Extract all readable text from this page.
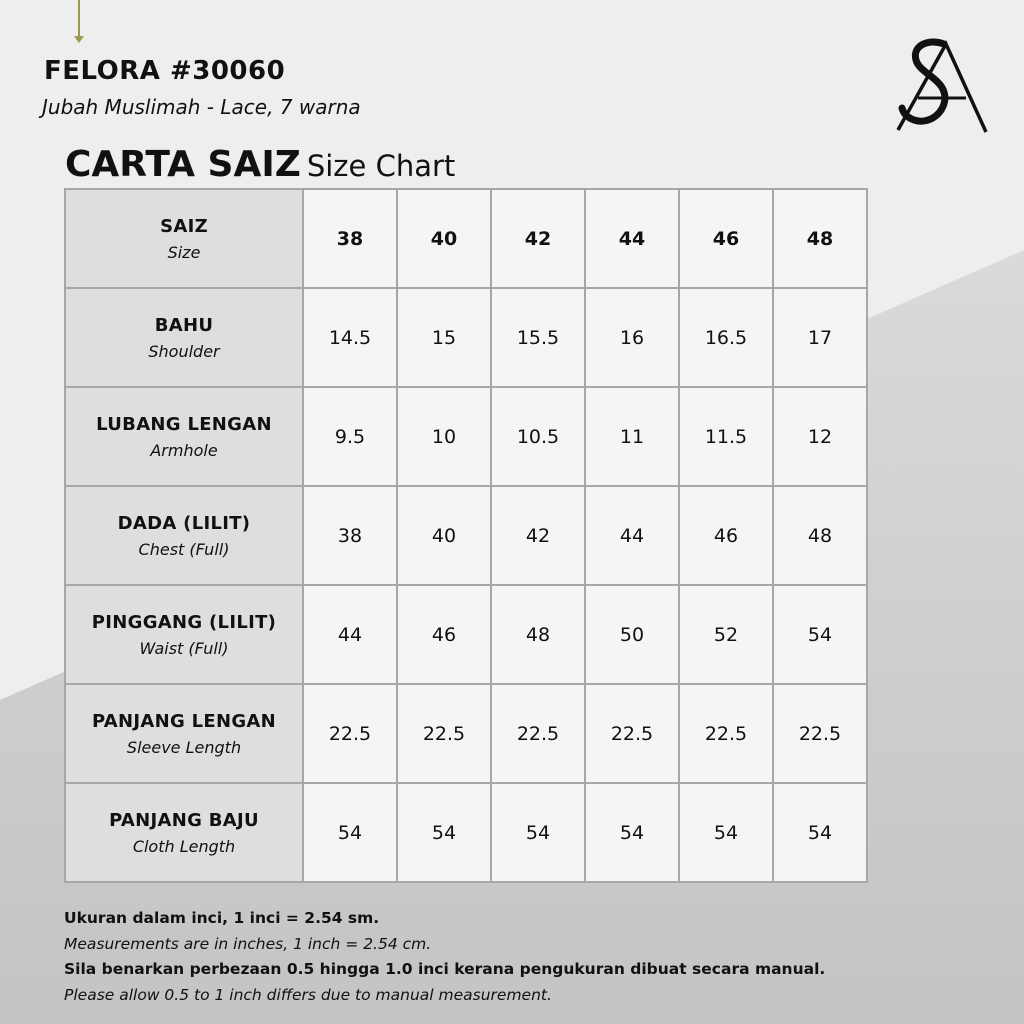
FELORA #30060
Jubah Muslimah - Lace, 7 warna
CARTA SAIZ Size Chart
SAIZ
Size	38	40	42	44	46	48

BAHU
Shoulder	14.5	15	15.5	16	16.5	17

LUBANG LENGAN
Armhole	9.5	10	10.5	11	11.5	12

DADA (LILIT)
Chest (Full)	38	40	42	44	46	48

PINGGANG (LILIT)
Waist (Full)	44	46	48	50	52	54

PANJANG LENGAN
Sleeve Length	22.5	22.5	22.5	22.5	22.5	22.5

PANJANG BAJU
Cloth Length	54	54	54	54	54	54
Ukuran dalam inci, 1 inci = 2.54 sm.
Measurements are in inches, 1 inch = 2.54 cm.
Sila benarkan perbezaan 0.5 hingga 1.0 inci kerana pengukuran dibuat secara manual.
Please allow 0.5 to 1 inch differs due to manual measurement.
